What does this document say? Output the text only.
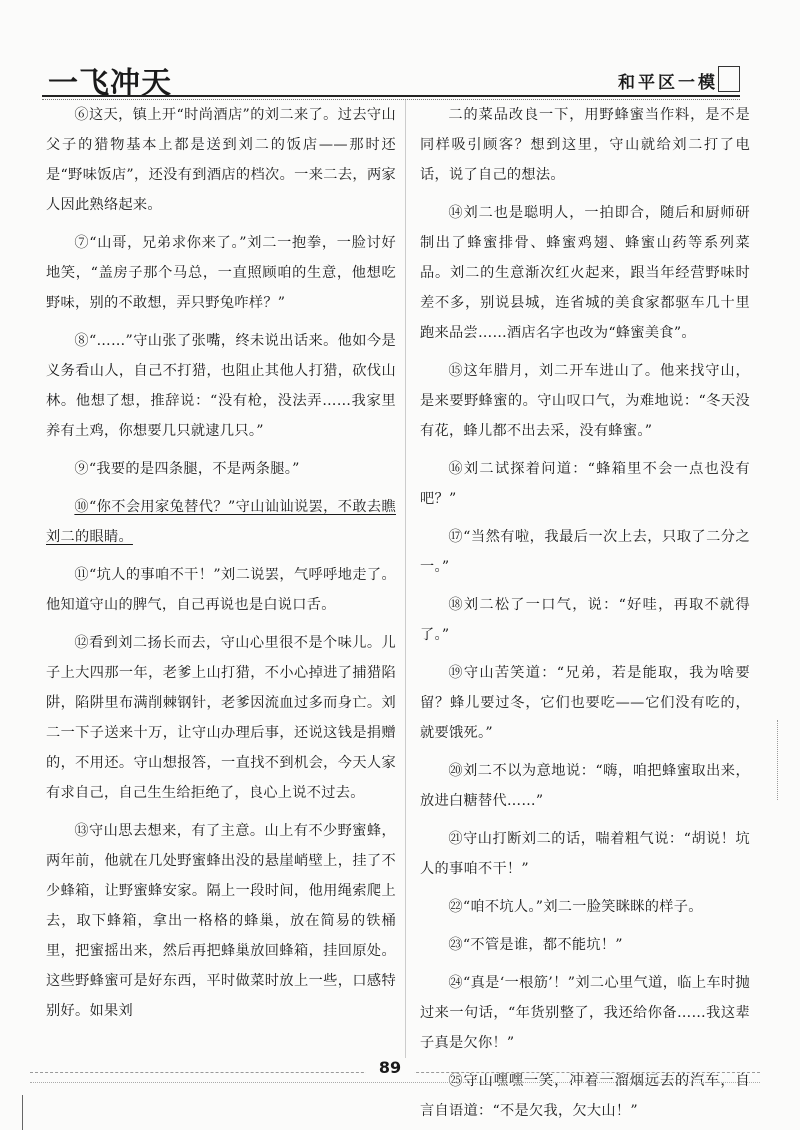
一飞冲天	和平区一模

⑥这天，镇上开“时尚酒店”的刘二来了。过去守山父子的猎物基本上都是送到刘二的饭店——那时还是“野味饭店”，还没有到酒店的档次。一来二去，两家人因此熟络起来。

⑦“山哥，兄弟求你来了。”刘二一抱拳，一脸讨好地笑，“盖房子那个马总，一直照顾咱的生意，他想吃野味，别的不敢想，弄只野兔咋样？”

⑧“……”守山张了张嘴，终未说出话来。他如今是义务看山人，自己不打猎，也阻止其他人打猎，砍伐山林。他想了想，推辞说：“没有枪，没法弄……我家里养有土鸡，你想要几只就逮几只。”

⑨“我要的是四条腿，不是两条腿。”

⑩“你不会用家兔替代？”守山讪讪说罢，不敢去瞧刘二的眼睛。

⑪“坑人的事咱不干！”刘二说罢，气呼呼地走了。他知道守山的脾气，自己再说也是白说口舌。

⑫看到刘二扬长而去，守山心里很不是个味儿。儿子上大四那一年，老爹上山打猎，不小心掉进了捕猎陷阱，陷阱里布满削棘钢针，老爹因流血过多而身亡。刘二一下子送来十万，让守山办理后事，还说这钱是捐赠的，不用还。守山想报答，一直找不到机会，今天人家有求自己，自己生生给拒绝了，良心上说不过去。

⑬守山思去想来，有了主意。山上有不少野蜜蜂，两年前，他就在几处野蜜蜂出没的悬崖峭壁上，挂了不少蜂箱，让野蜜蜂安家。隔上一段时间，他用绳索爬上去，取下蜂箱，拿出一格格的蜂巢，放在简易的铁桶里，把蜜摇出来，然后再把蜂巢放回蜂箱，挂回原处。这些野蜂蜜可是好东西，平时做菜时放上一些，口感特别好。如果刘

二的菜品改良一下，用野蜂蜜当作料，是不是同样吸引顾客？想到这里，守山就给刘二打了电话，说了自己的想法。

⑭刘二也是聪明人，一拍即合，随后和厨师研制出了蜂蜜排骨、蜂蜜鸡翅、蜂蜜山药等系列菜品。刘二的生意渐次红火起来，跟当年经营野味时差不多，别说县城，连省城的美食家都驱车几十里跑来品尝……酒店名字也改为“蜂蜜美食”。

⑮这年腊月，刘二开车进山了。他来找守山，是来要野蜂蜜的。守山叹口气，为难地说：“冬天没有花，蜂儿都不出去采，没有蜂蜜。”

⑯刘二试探着问道：“蜂箱里不会一点也没有吧？”

⑰“当然有啦，我最后一次上去，只取了二分之一。”

⑱刘二松了一口气，说：“好哇，再取不就得了。”

⑲守山苦笑道：“兄弟，若是能取，我为啥要留？蜂儿要过冬，它们也要吃——它们没有吃的，就要饿死。”

⑳刘二不以为意地说：“嗨，咱把蜂蜜取出来，放进白糖替代……”

㉑守山打断刘二的话，喘着粗气说：“胡说！坑人的事咱不干！”

㉒“咱不坑人。”刘二一脸笑眯眯的样子。

㉓“不管是谁，都不能坑！”

㉔“真是‘一根筋’！”刘二心里气道，临上车时抛过来一句话，“年货别整了，我还给你备……我这辈子真是欠你！”

㉕守山嘿嘿一笑，冲着一溜烟远去的汽车，自言自语道：“不是欠我，欠大山！”

89
